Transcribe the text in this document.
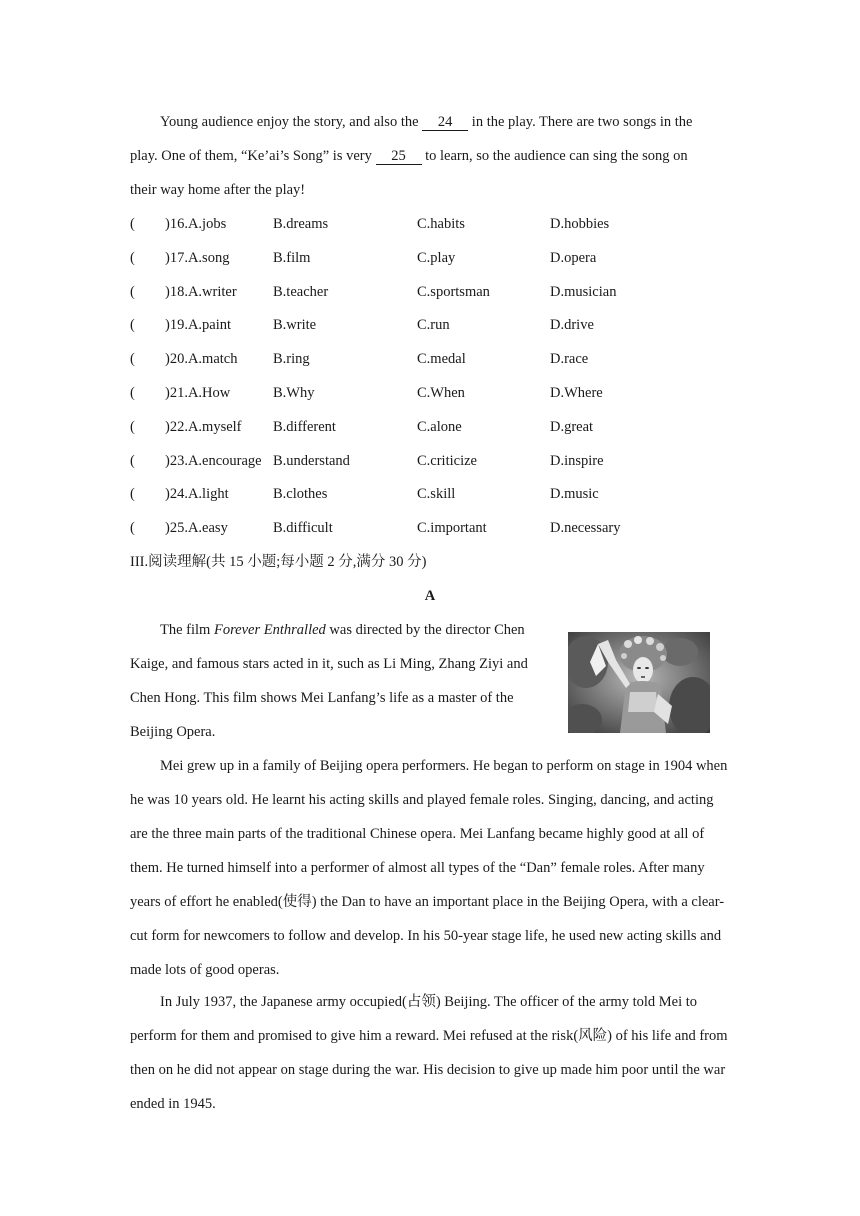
Young audience enjoy the story, and also the 24 in the play. There are two songs in the
play. One of them, “Ke’ai’s Song” is very 25 to learn, so the audience can sing the song on
their way home after the play!
( )16.A.jobs	B.dreams	C.habits	D.hobbies
( )17.A.song	B.film	C.play	D.opera
( )18.A.writer	B.teacher	C.sportsman	D.musician
( )19.A.paint	B.write	C.run	D.drive
( )20.A.match B.ring	C.medal	D.race
( )21.A.How	B.Why	C.When	D.Where
( )22.A.myself B.different	C.alone	D.great
( )23.A.encourage B.understand	C.criticize	D.inspire
( )24.A.light	B.clothes	C.skill	D.music
( )25.A.easy	B.difficult	C.important	D.necessary
III.阅读理解(共 15 小题;每小题 2 分,满分 30 分)
A
The film Forever Enthralled was directed by the director Chen
Kaige, and famous stars acted in it, such as Li Ming, Zhang Ziyi and
Chen Hong. This film shows Mei Lanfang’s life as a master of the
Beijing Opera.
Mei grew up in a family of Beijing opera performers. He began to perform on stage in 1904 when he was 10 years old. He learnt his acting skills and played female roles. Singing, dancing, and acting are the three main parts of the traditional Chinese opera. Mei Lanfang became highly good at all of them. He turned himself into a performer of almost all types of the “Dan” female roles. After many years of effort he enabled(使得) the Dan to have an important place in the Beijing Opera, with a clear-cut form for newcomers to follow and develop. In his 50-year stage life, he used new acting skills and made lots of good operas.
In July 1937, the Japanese army occupied(占领) Beijing. The officer of the army told Mei to perform for them and promised to give him a reward. Mei refused at the risk(风险) of his life and from then on he did not appear on stage during the war. His decision to give up made him poor until the war ended in 1945.
